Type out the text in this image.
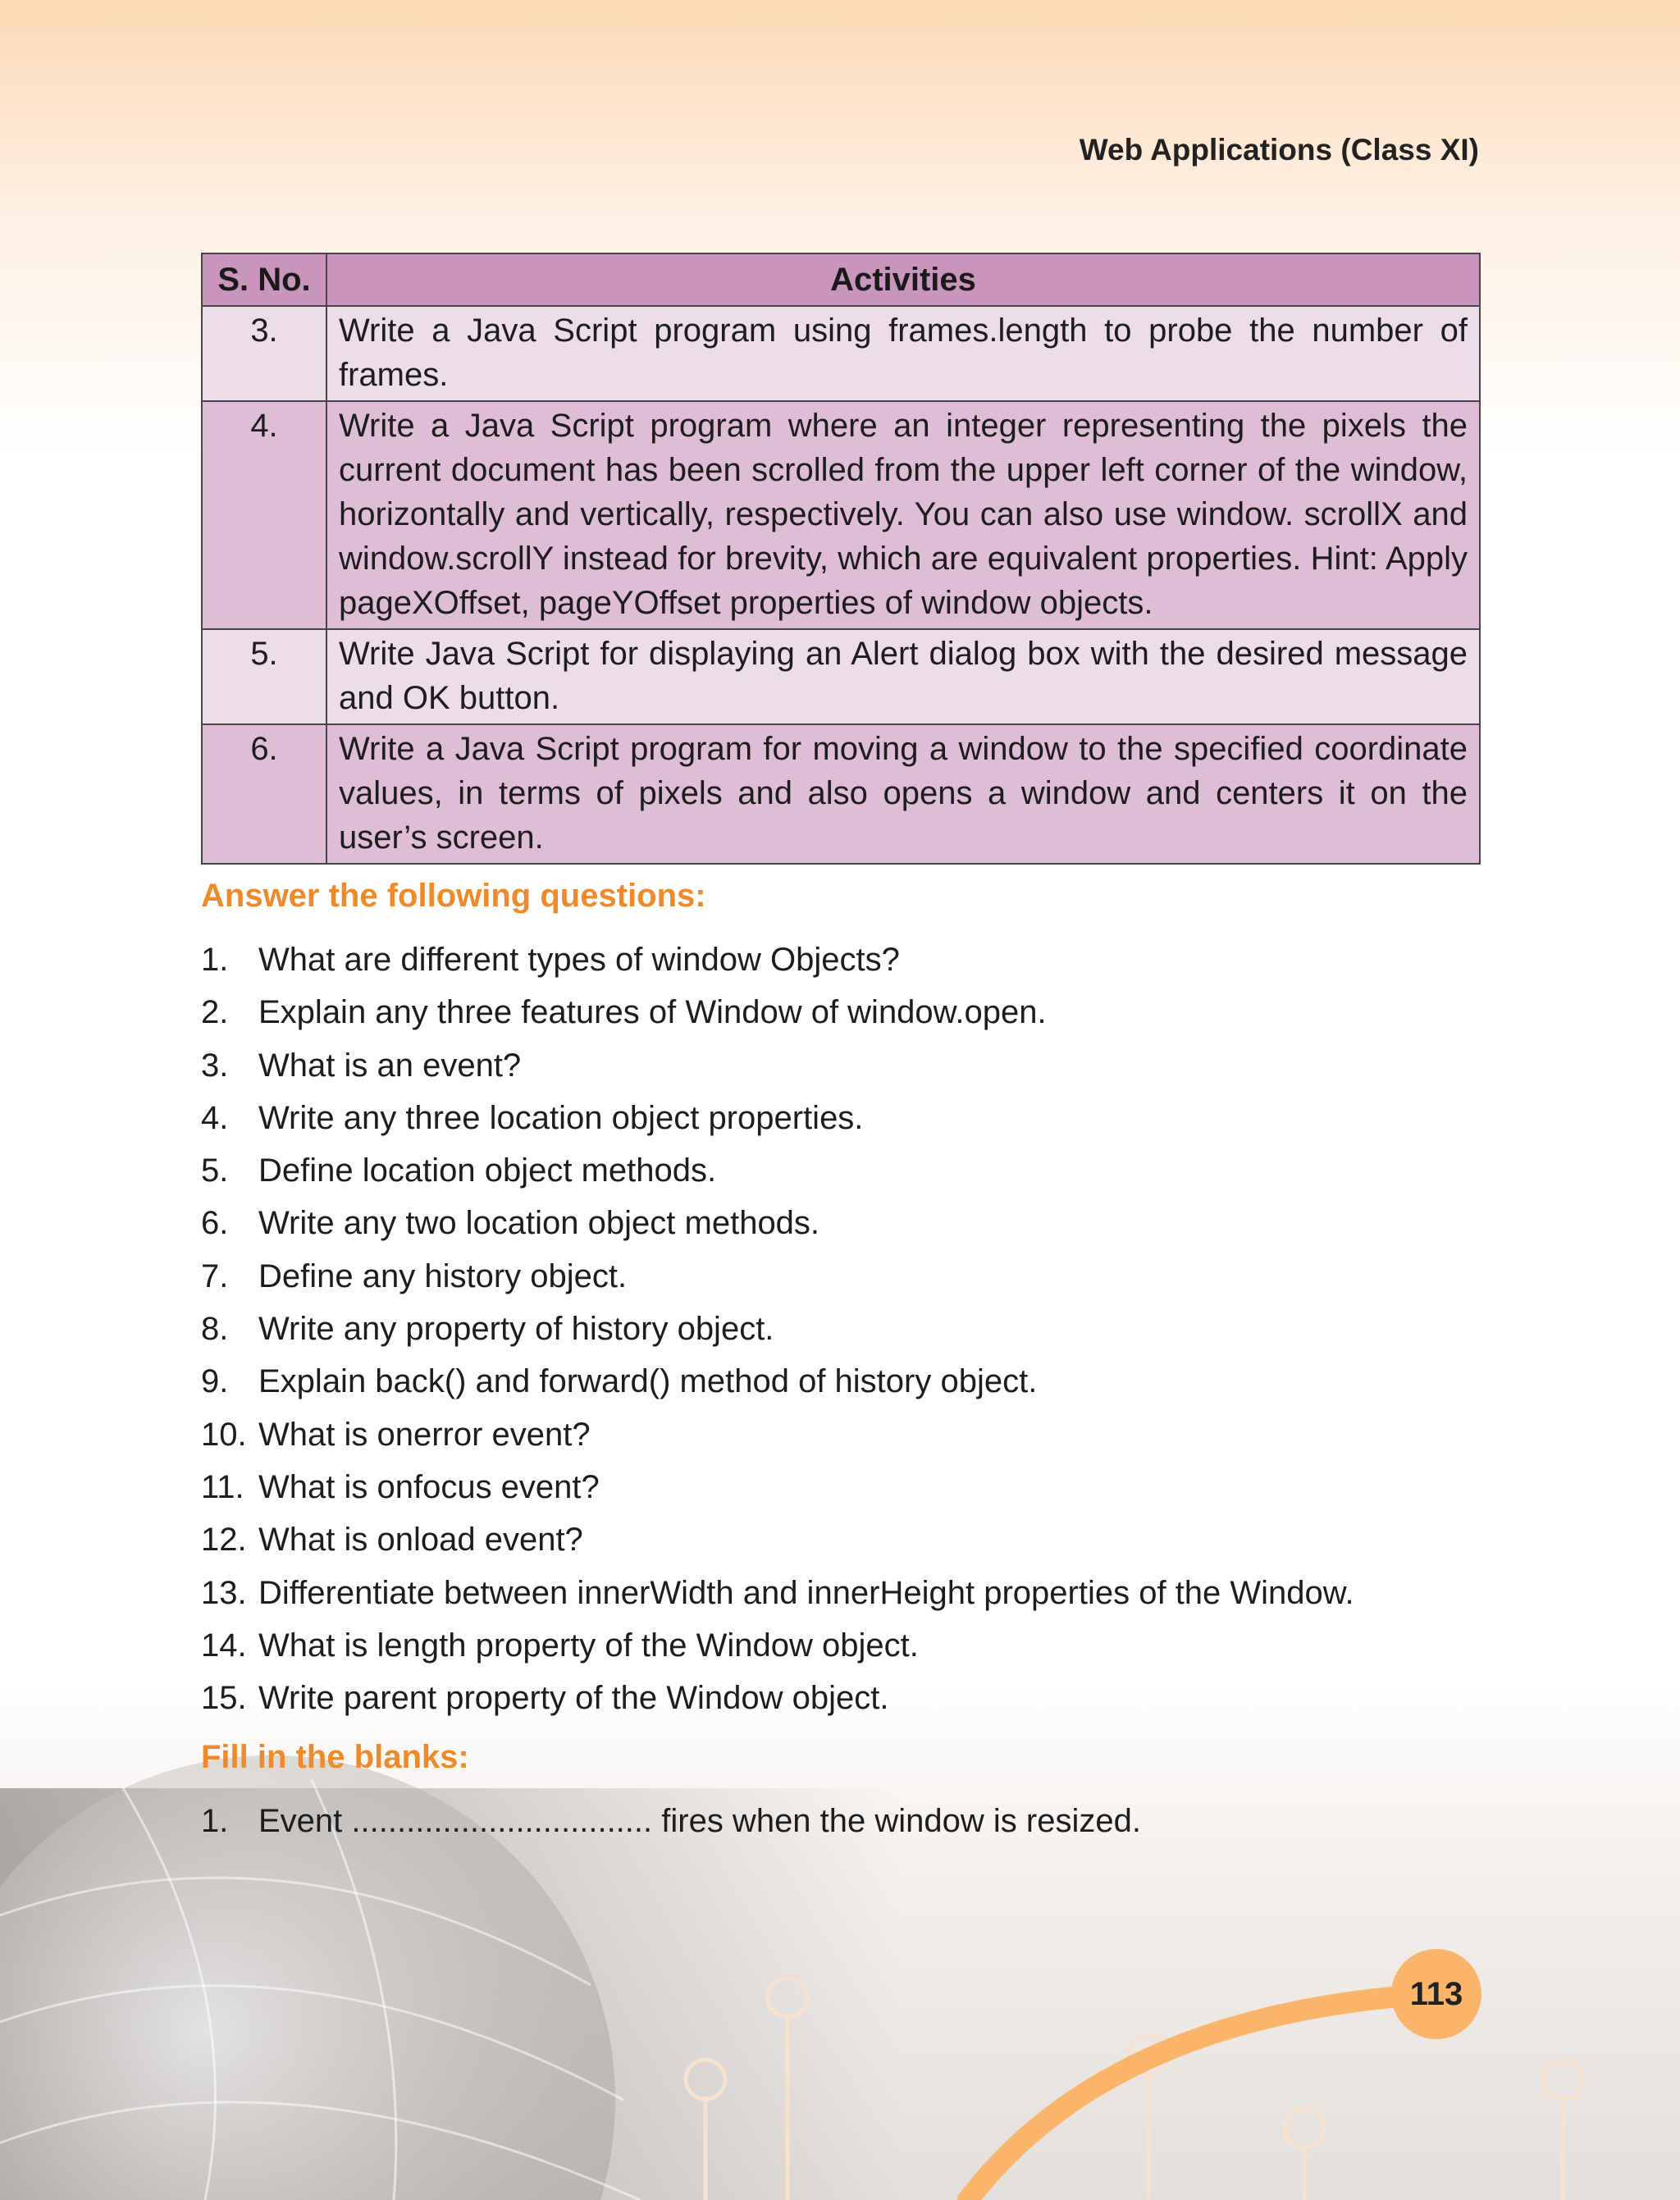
Web Applications (Class XI)
S. No.	Activities
3.	Write a Java Script program using frames.length to probe the number of frames.
4.	Write a Java Script program where an integer representing the pixels the current document has been scrolled from the upper left corner of the window, horizontally and vertically, respectively. You can also use window. scrollX and window.scrollY instead for brevity, which are equivalent properties. Hint: Apply pageXOffset, pageYOffset properties of window objects.
5.	Write Java Script for displaying an Alert dialog box with the desired message and OK button.
6.	Write a Java Script program for moving a window to the specified coordinate values, in terms of pixels and also opens a window and centers it on the user’s screen.
Answer the following questions:
1. What are different types of window Objects?
2. Explain any three features of Window of window.open.
3. What is an event?
4. Write any three location object properties.
5. Define location object methods.
6. Write any two location object methods.
7. Define any history object.
8. Write any property of history object.
9. Explain back() and forward() method of history object.
10. What is onerror event?
11. What is onfocus event?
12. What is onload event?
13. Differentiate between innerWidth and innerHeight properties of the Window.
14. What is length property of the Window object.
15. Write parent property of the Window object.
Fill in the blanks:
1. Event ................................. fires when the window is resized.
113
